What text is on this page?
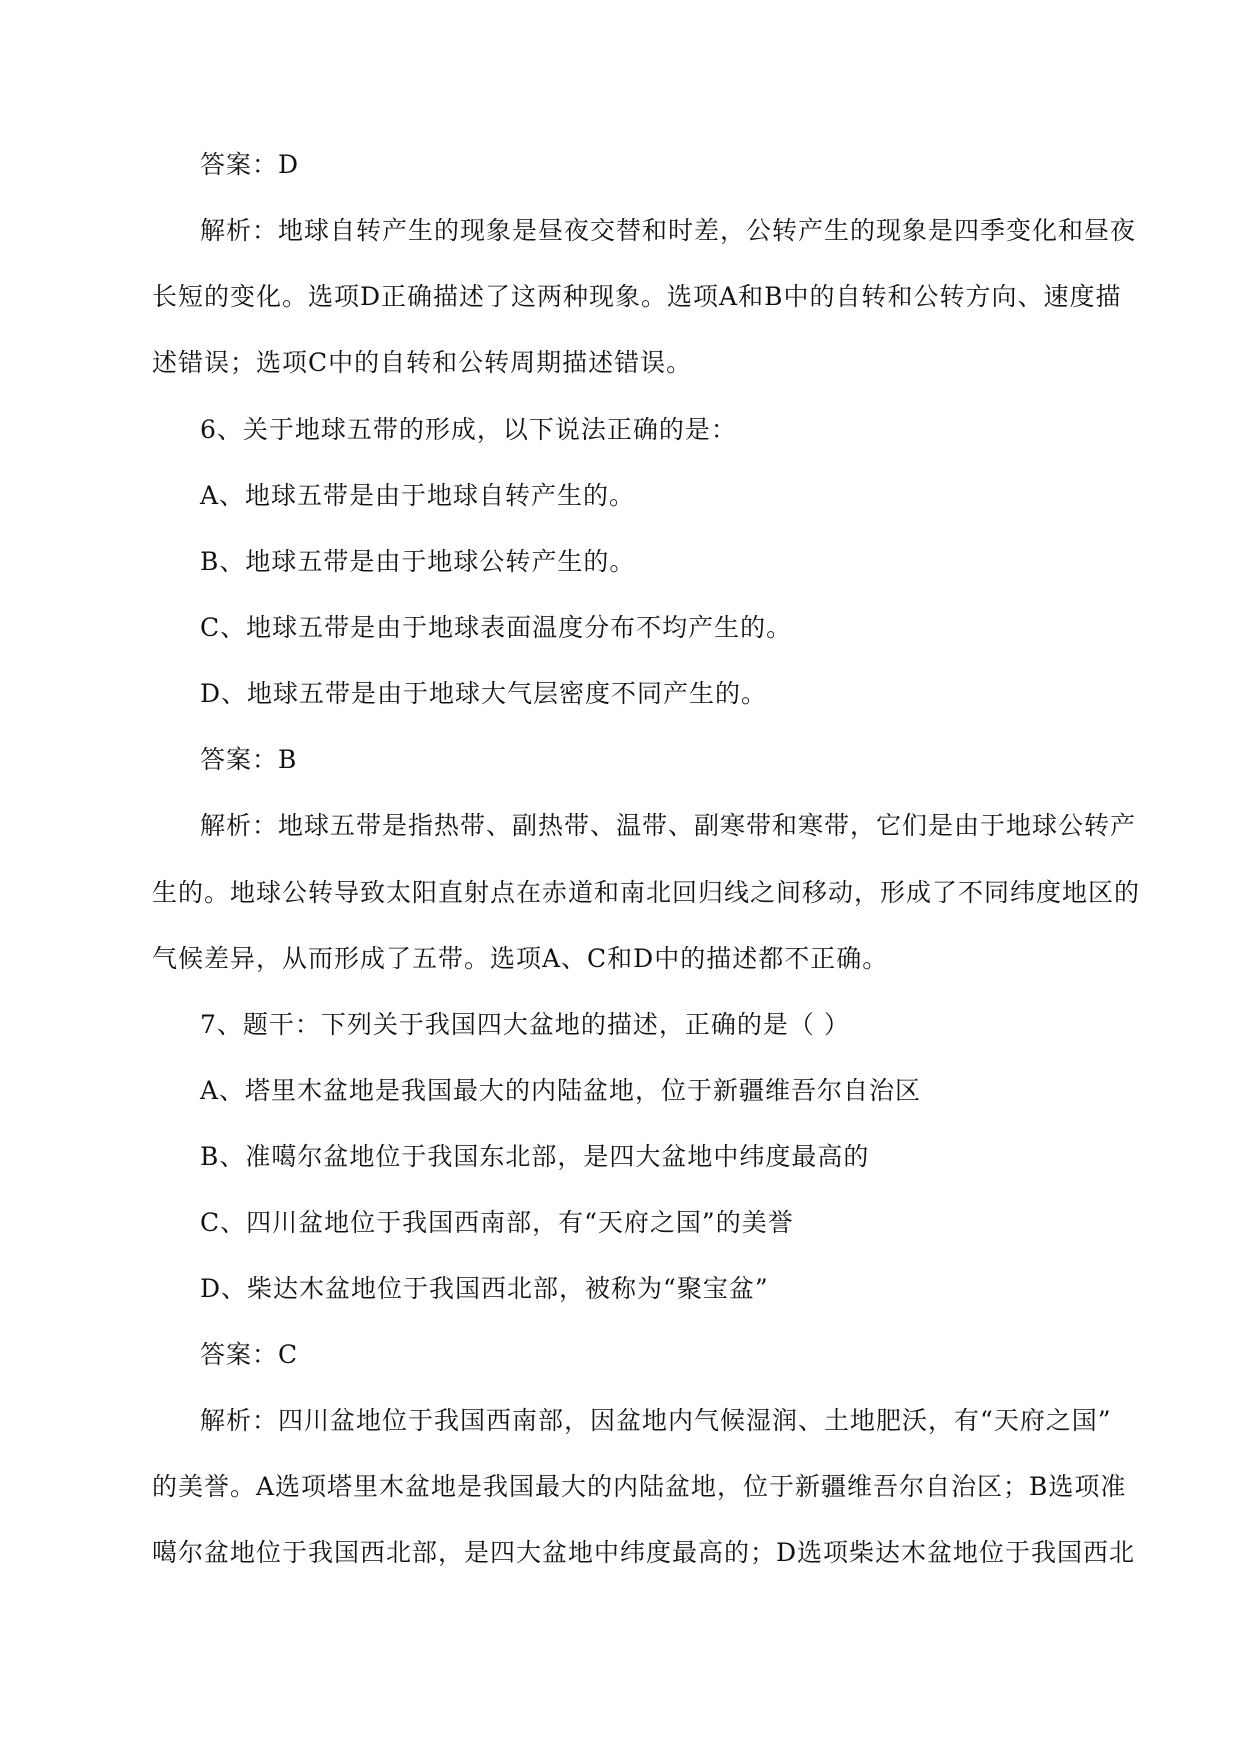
答案：D
解析：地球自转产生的现象是昼夜交替和时差，公转产生的现象是四季变化和昼夜
长短的变化。选项D正确描述了这两种现象。选项A和B中的自转和公转方向、速度描
述错误；选项C中的自转和公转周期描述错误。
6、关于地球五带的形成，以下说法正确的是：
A、地球五带是由于地球自转产生的。
B、地球五带是由于地球公转产生的。
C、地球五带是由于地球表面温度分布不均产生的。
D、地球五带是由于地球大气层密度不同产生的。
答案：B
解析：地球五带是指热带、副热带、温带、副寒带和寒带，它们是由于地球公转产
生的。地球公转导致太阳直射点在赤道和南北回归线之间移动，形成了不同纬度地区的
气候差异，从而形成了五带。选项A、C和D中的描述都不正确。
7、题干：下列关于我国四大盆地的描述，正确的是（ ）
A、塔里木盆地是我国最大的内陆盆地，位于新疆维吾尔自治区
B、准噶尔盆地位于我国东北部，是四大盆地中纬度最高的
C、四川盆地位于我国西南部，有“天府之国”的美誉
D、柴达木盆地位于我国西北部，被称为“聚宝盆”
答案：C
解析：四川盆地位于我国西南部，因盆地内气候湿润、土地肥沃，有“天府之国”
的美誉。A选项塔里木盆地是我国最大的内陆盆地，位于新疆维吾尔自治区；B选项准
噶尔盆地位于我国西北部，是四大盆地中纬度最高的；D选项柴达木盆地位于我国西北
